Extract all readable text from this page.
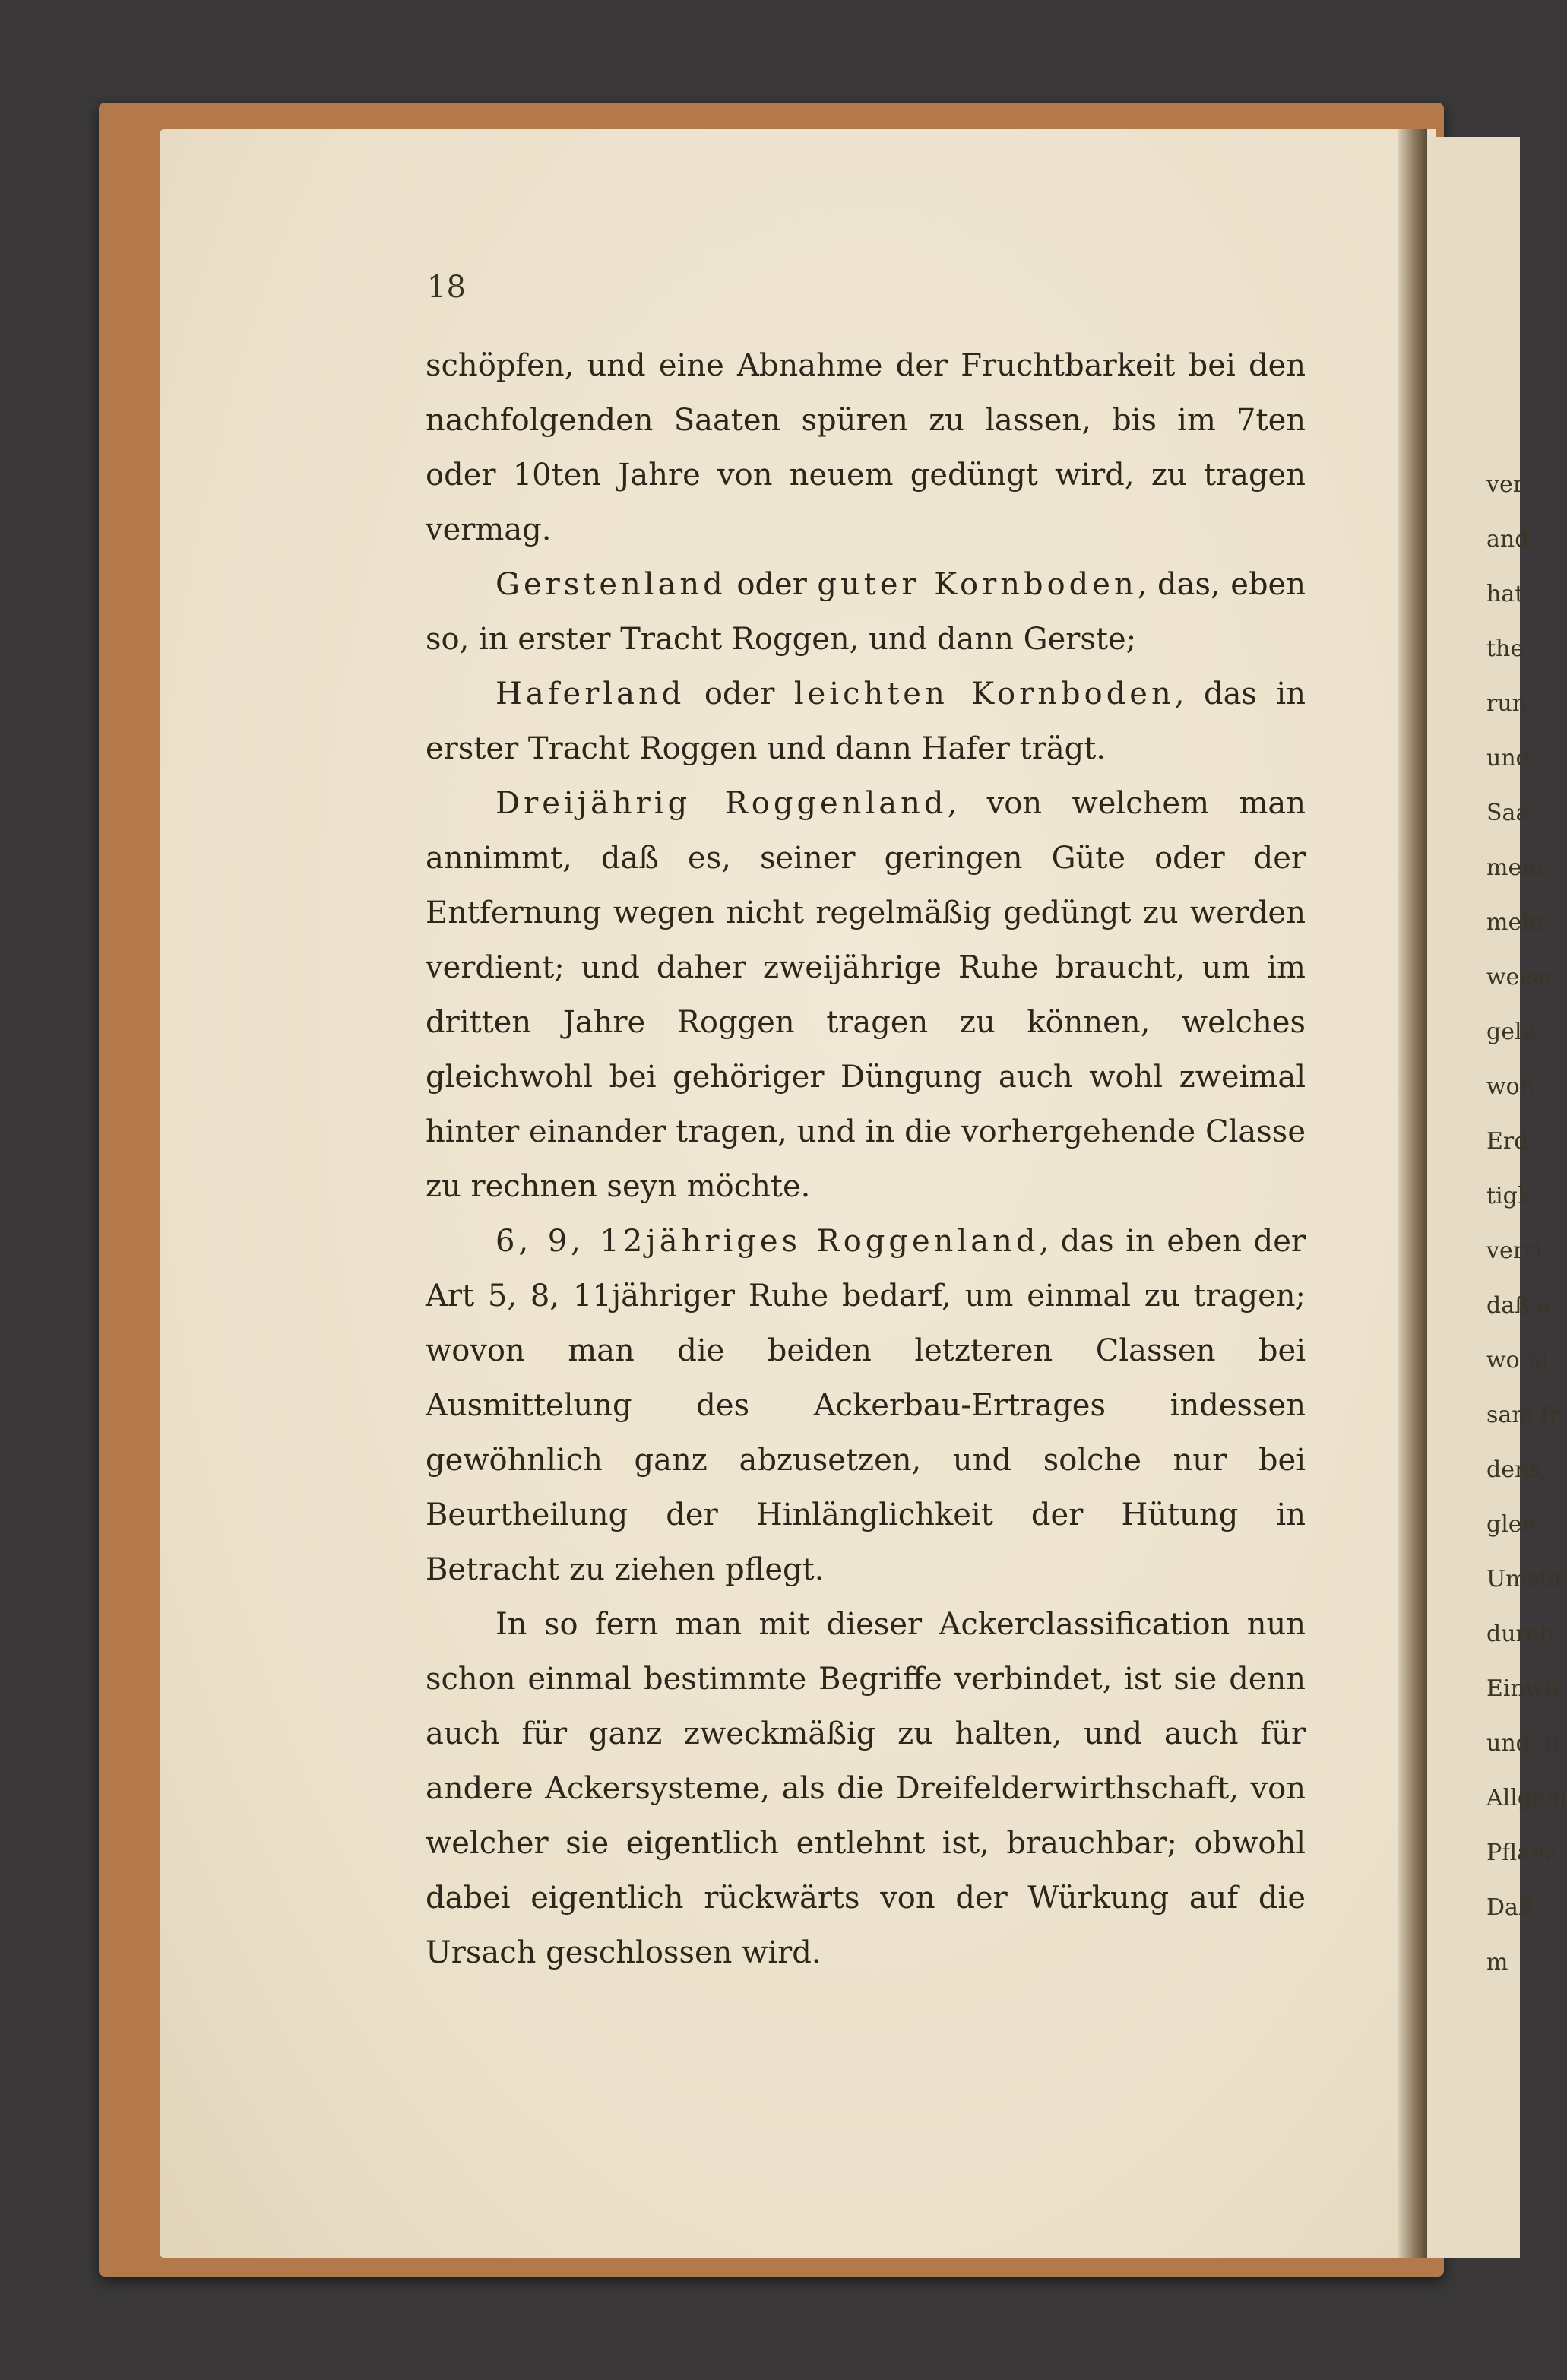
ver
and
hat
the
run
und
Saa
mein
mehr
weise
gele
woh
Erd
tigk
verri
daß a
wo ni
sam fr
dens,
gleic
Umsta
durch
Einwü
und, d
Allgem
Pflanz
Daß
m
18

schöpfen, und eine Abnahme der Fruchtbarkeit bei den nachfolgenden Saaten spüren zu lassen, bis im 7ten oder 10ten Jahre von neuem gedüngt wird, zu tragen vermag.

Gerstenland oder guter Kornboden, das, eben so, in erster Tracht Roggen, und dann Gerste;

Haferland oder leichten Kornboden, das in erster Tracht Roggen und dann Hafer trägt.

Dreijährig Roggenland, von welchem man annimmt, daß es, seiner geringen Güte oder der Entfernung wegen nicht regelmäßig gedüngt zu werden verdient; und daher zweijährige Ruhe braucht, um im dritten Jahre Roggen tragen zu können, welches gleichwohl bei gehöriger Düngung auch wohl zweimal hinter einander tragen, und in die vorhergehende Classe zu rechnen seyn möchte.

6, 9, 12jähriges Roggenland, das in eben der Art 5, 8, 11jähriger Ruhe bedarf, um einmal zu tragen; wovon man die beiden letzteren Classen bei Ausmittelung des Ackerbau-Ertrages indessen gewöhnlich ganz abzusetzen, und solche nur bei Beurtheilung der Hinlänglichkeit der Hütung in Betracht zu ziehen pflegt.

In so fern man mit dieser Ackerclassification nun schon einmal bestimmte Begriffe verbindet, ist sie denn auch für ganz zweckmäßig zu halten, und auch für andere Ackersysteme, als die Dreifelderwirthschaft, von welcher sie eigentlich entlehnt ist, brauchbar; obwohl dabei eigentlich rückwärts von der Würkung auf die Ursach geschlossen wird.
